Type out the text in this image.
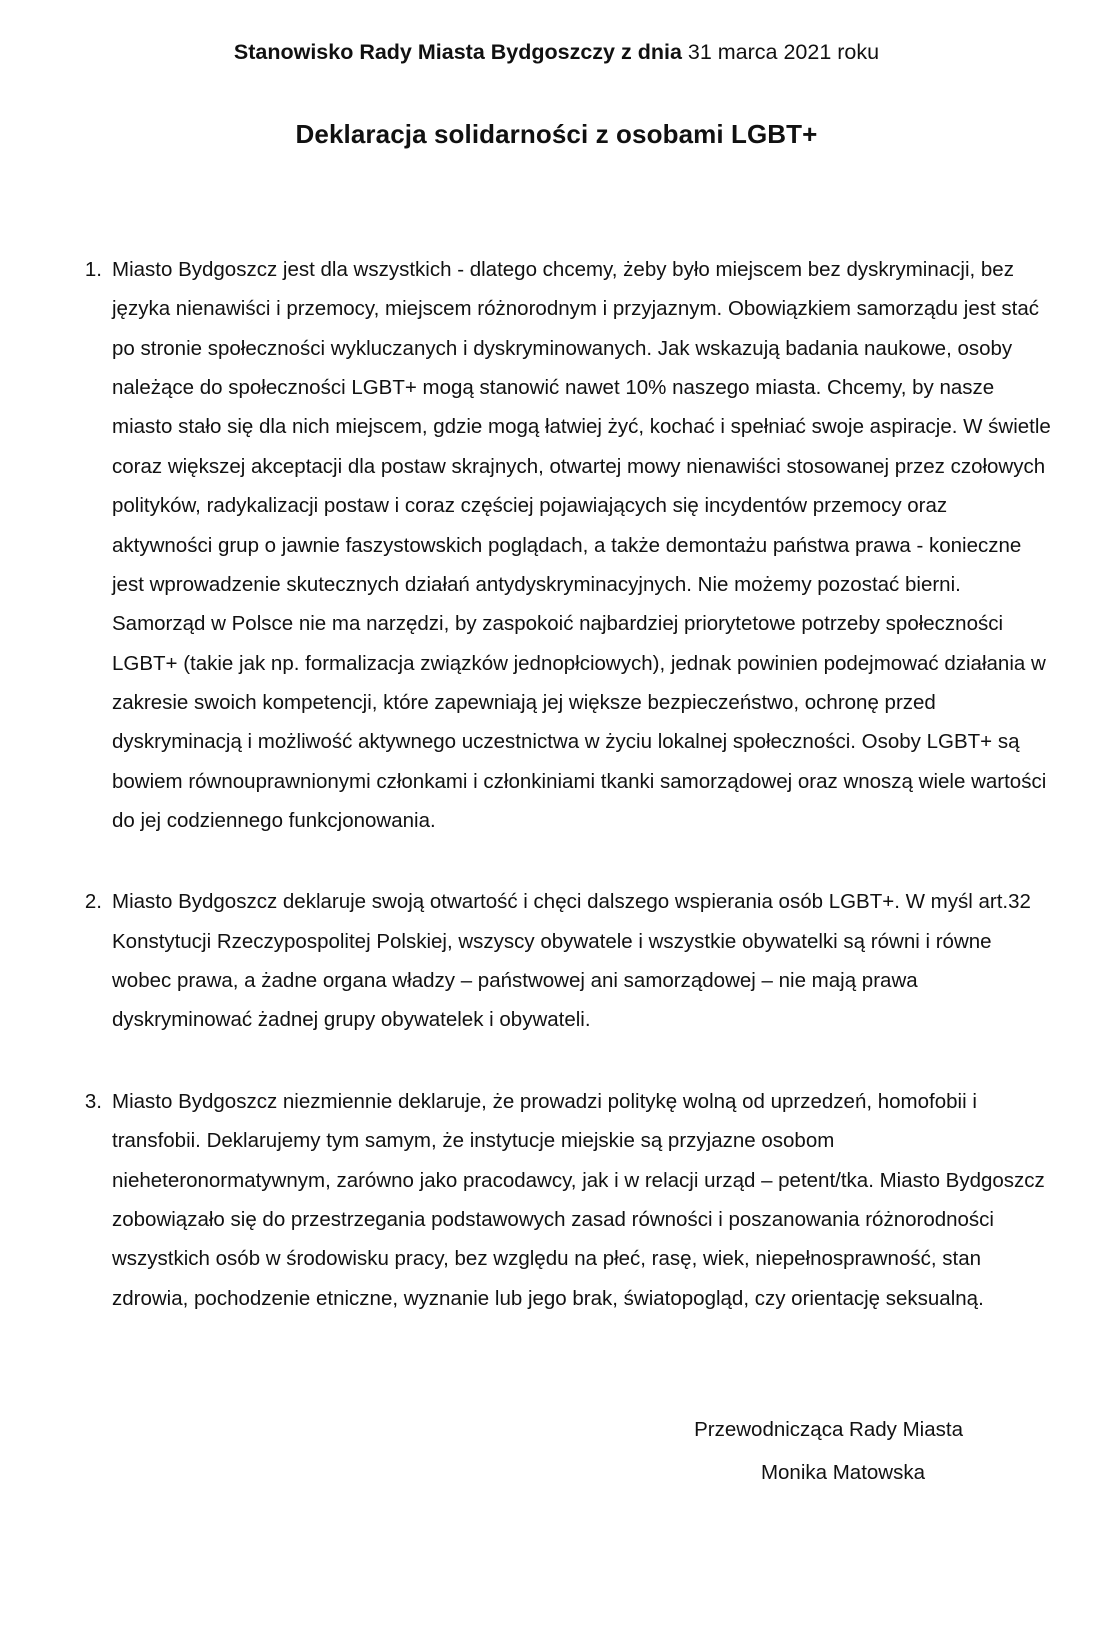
Stanowisko Rady Miasta Bydgoszczy z dnia 31 marca 2021 roku
Deklaracja solidarności z osobami LGBT+
1. Miasto Bydgoszcz jest dla wszystkich - dlatego chcemy, żeby było miejscem bez dyskryminacji, bez języka nienawiści i przemocy, miejscem różnorodnym i przyjaznym. Obowiązkiem samorządu jest stać po stronie społeczności wykluczanych i dyskryminowanych. Jak wskazują badania naukowe, osoby należące do społeczności LGBT+ mogą stanowić nawet 10% naszego miasta. Chcemy, by nasze miasto stało się dla nich miejscem, gdzie mogą łatwiej żyć, kochać i spełniać swoje aspiracje. W świetle coraz większej akceptacji dla postaw skrajnych, otwartej mowy nienawiści stosowanej przez czołowych polityków, radykalizacji postaw i coraz częściej pojawiających się incydentów przemocy oraz aktywności grup o jawnie faszystowskich poglądach, a także demontażu państwa prawa - konieczne jest wprowadzenie skutecznych działań antydyskryminacyjnych. Nie możemy pozostać bierni. Samorząd w Polsce nie ma narzędzi, by zaspokoić najbardziej priorytetowe potrzeby społeczności LGBT+ (takie jak np. formalizacja związków jednopłciowych), jednak powinien podejmować działania w zakresie swoich kompetencji, które zapewniają jej większe bezpieczeństwo, ochronę przed dyskryminacją i możliwość aktywnego uczestnictwa w życiu lokalnej społeczności. Osoby LGBT+ są bowiem równouprawnionymi członkami i członkiniami tkanki samorządowej oraz wnoszą wiele wartości do jej codziennego funkcjonowania.
2. Miasto Bydgoszcz deklaruje swoją otwartość i chęci dalszego wspierania osób LGBT+. W myśl art.32 Konstytucji Rzeczypospolitej Polskiej, wszyscy obywatele i wszystkie obywatelki są równi i równe wobec prawa, a żadne organa władzy – państwowej ani samorządowej – nie mają prawa dyskryminować żadnej grupy obywatelek i obywateli.
3. Miasto Bydgoszcz niezmiennie deklaruje, że prowadzi politykę wolną od uprzedzeń, homofobii i transfobii. Deklarujemy tym samym, że instytucje miejskie są przyjazne osobom nieheteronormatywnym, zarówno jako pracodawcy, jak i w relacji urząd – petent/tka. Miasto Bydgoszcz zobowiązało się do przestrzegania podstawowych zasad równości i poszanowania różnorodności wszystkich osób w środowisku pracy, bez względu na płeć, rasę, wiek, niepełnosprawność, stan zdrowia, pochodzenie etniczne, wyznanie lub jego brak, światopogląd, czy orientację seksualną.
Przewodnicząca Rady Miasta
Monika Matowska
